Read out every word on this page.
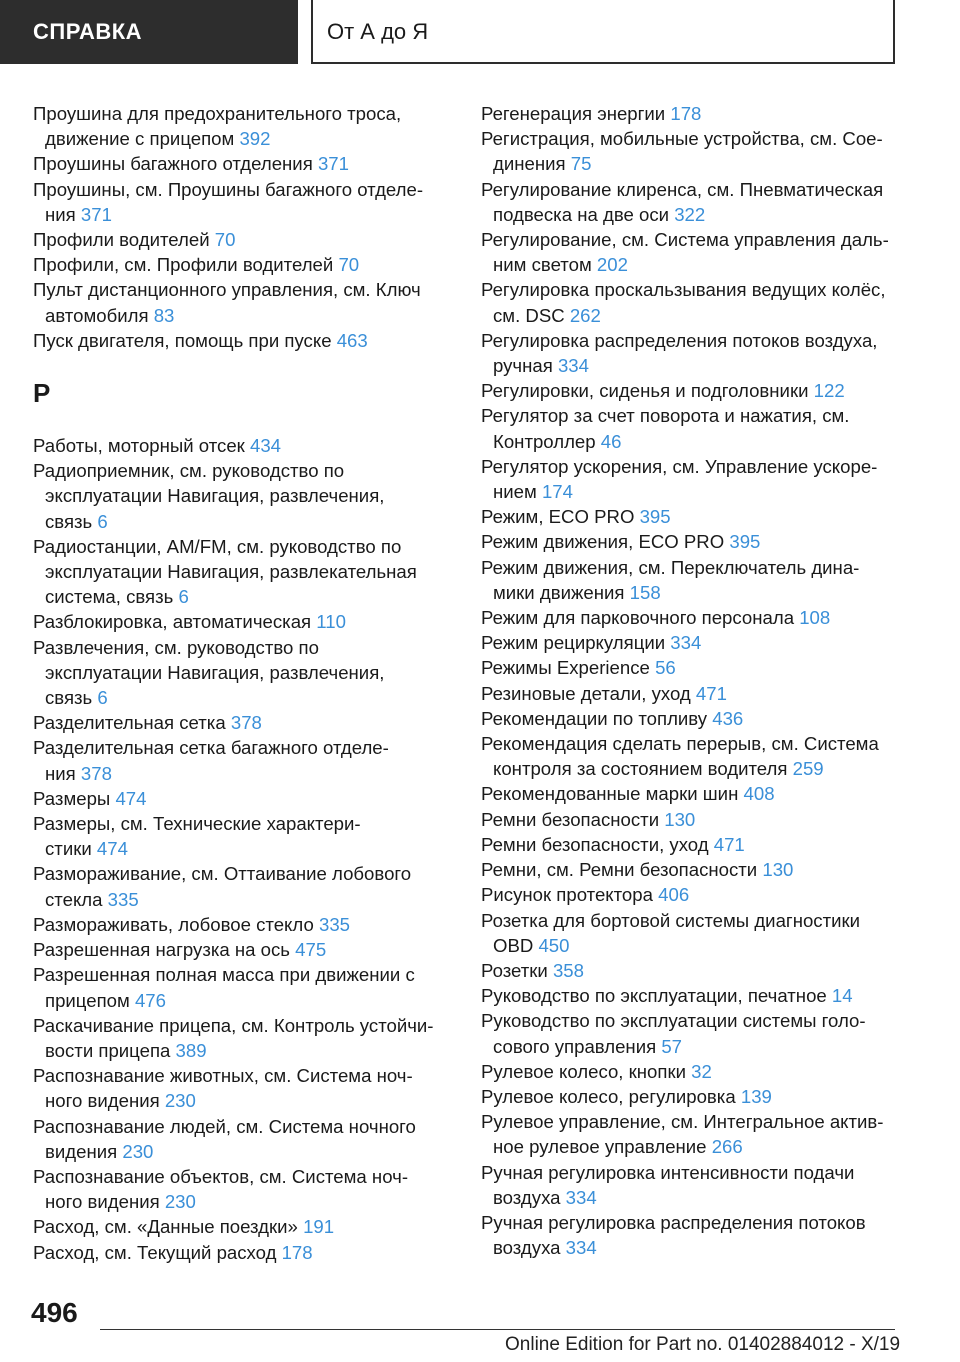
СПРАВКА	От А до Я
Проушина для предохранительного троса,
движение с прицепом 392
Проушины багажного отделения 371
Проушины, см. Проушины багажного отделе-
ния 371
Профили водителей 70
Профили, см. Профили водителей 70
Пульт дистанционного управления, см. Ключ
автомобиля 83
Пуск двигателя, помощь при пуске 463
Р
Работы, моторный отсек 434
Радиоприемник, см. руководство по
эксплуатации Навигация, развлечения,
связь 6
Радиостанции, AM/FM, см. руководство по
эксплуатации Навигация, развлекательная
система, связь 6
Разблокировка, автоматическая 110
Развлечения, см. руководство по
эксплуатации Навигация, развлечения,
связь 6
Разделительная сетка 378
Разделительная сетка багажного отделе-
ния 378
Размеры 474
Размеры, см. Технические характери-
стики 474
Размораживание, см. Оттаивание лобового
стекла 335
Размораживать, лобовое стекло 335
Разрешенная нагрузка на ось 475
Разрешенная полная масса при движении с
прицепом 476
Раскачивание прицепа, см. Контроль устойчи-
вости прицепа 389
Распознавание животных, см. Система ноч-
ного видения 230
Распознавание людей, см. Система ночного
видения 230
Распознавание объектов, см. Система ноч-
ного видения 230
Расход, см. «Данные поездки» 191
Расход, см. Текущий расход 178
Регенерация энергии 178
Регистрация, мобильные устройства, см. Сое-
динения 75
Регулирование клиренса, см. Пневматическая
подвеска на две оси 322
Регулирование, см. Система управления даль-
ним светом 202
Регулировка проскальзывания ведущих колёс,
см. DSC 262
Регулировка распределения потоков воздуха,
ручная 334
Регулировки, сиденья и подголовники 122
Регулятор за счет поворота и нажатия, см.
Контроллер 46
Регулятор ускорения, см. Управление ускоре-
нием 174
Режим, ECO PRO 395
Режим движения, ECO PRO 395
Режим движения, см. Переключатель дина-
мики движения 158
Режим для парковочного персонала 108
Режим рециркуляции 334
Режимы Experience 56
Резиновые детали, уход 471
Рекомендации по топливу 436
Рекомендация сделать перерыв, см. Система
контроля за состоянием водителя 259
Рекомендованные марки шин 408
Ремни безопасности 130
Ремни безопасности, уход 471
Ремни, см. Ремни безопасности 130
Рисунок протектора 406
Розетка для бортовой системы диагностики
OBD 450
Розетки 358
Руководство по эксплуатации, печатное 14
Руководство по эксплуатации системы голо-
сового управления 57
Рулевое колесо, кнопки 32
Рулевое колесо, регулировка 139
Рулевое управление, см. Интегральное актив-
ное рулевое управление 266
Ручная регулировка интенсивности подачи
воздуха 334
Ручная регулировка распределения потоков
воздуха 334
496
Online Edition for Part no. 01402884012 - X/19
